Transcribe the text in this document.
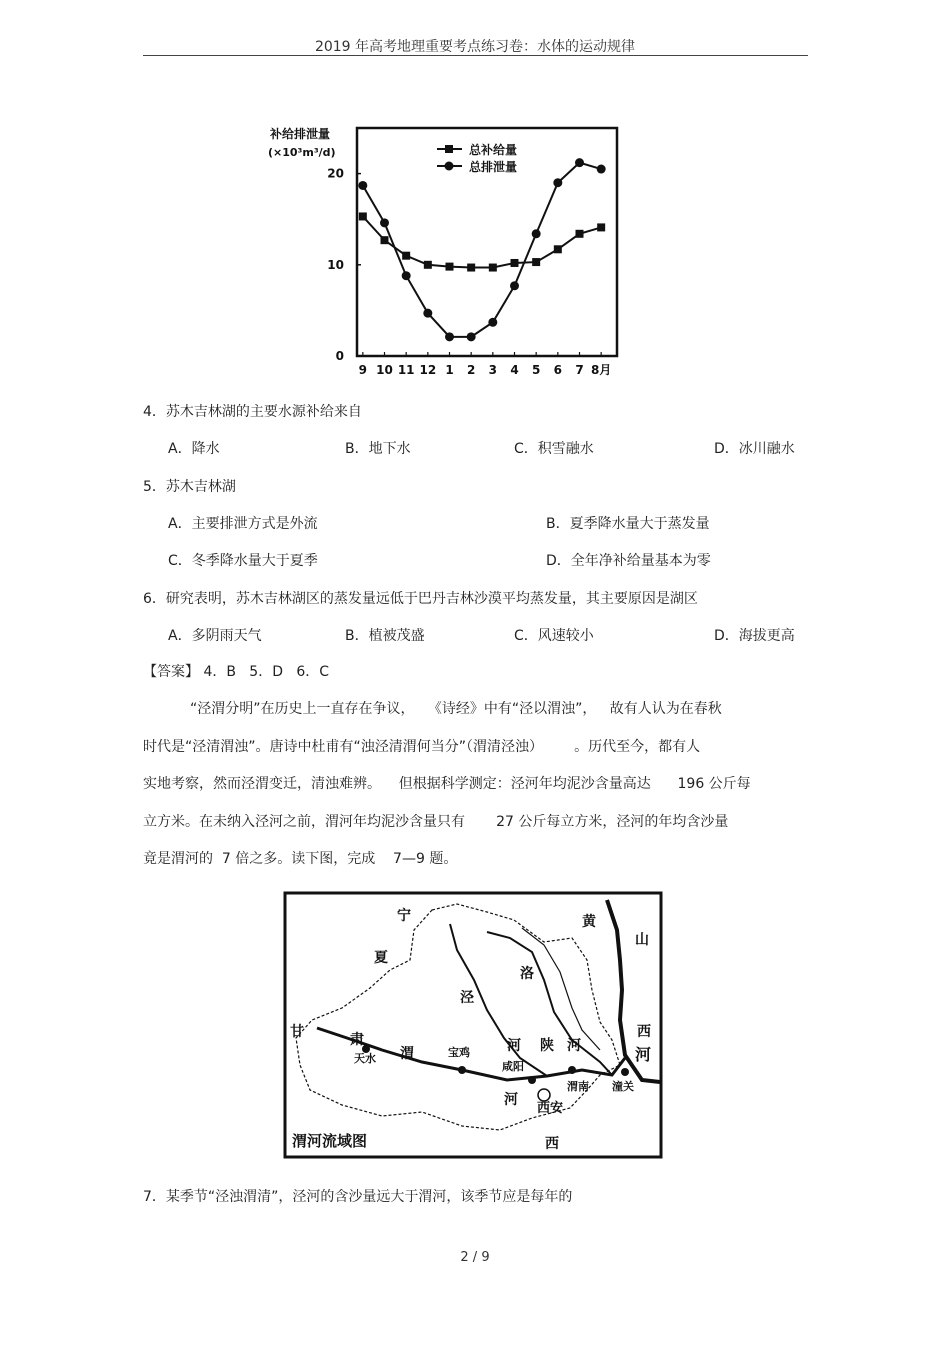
2019 年高考地理重要考点练习卷：水体的运动规律
补给排泄量
(×10³m³/d)
0
10
20
9 10 11 12 1 2 3 4 5 6 7 8月
总补给量
总排泄量
4．苏木吉林湖的主要水源补给来自
A．降水	B．地下水	C．积雪融水	D．冰川融水
5．苏木吉林湖
A．主要排泄方式是外流	B．夏季降水量大于蒸发量
C．冬季降水量大于夏季	D．全年净补给量基本为零
6．研究表明，苏木吉林湖区的蒸发量远低于巴丹吉林沙漠平均蒸发量，其主要原因是湖区
A．多阴雨天气	B．植被茂盛	C．风速较小	D．海拔更高
【答案】 4．B   5．D   6．C
“泾渭分明”在历史上一直存在争议，   《诗经》中有“泾以渭浊”，   故有人认为在春秋
时代是“泾清渭浊”。唐诗中杜甫有“浊泾清渭何当分”（渭清泾浊）       。历代至今，都有人
实地考察，然而泾渭变迁，清浊难辨。    但根据科学测定：泾河年均泥沙含量高达      196 公斤每
立方米。在未纳入泾河之前，渭河年均泥沙含量只有       27 公斤每立方米，泾河的年均含沙量
竟是渭河的  7 倍之多。读下图，完成    7—9 题。
宁
夏
黄
山
甘	肃
泾
洛
河 陕 河
西
河
渭
河
西
天水	宝鸡
咸阳
渭南 潼关
西安
渭河流域图
7．某季节“泾浊渭清”，泾河的含沙量远大于渭河，该季节应是每年的
2 / 9
